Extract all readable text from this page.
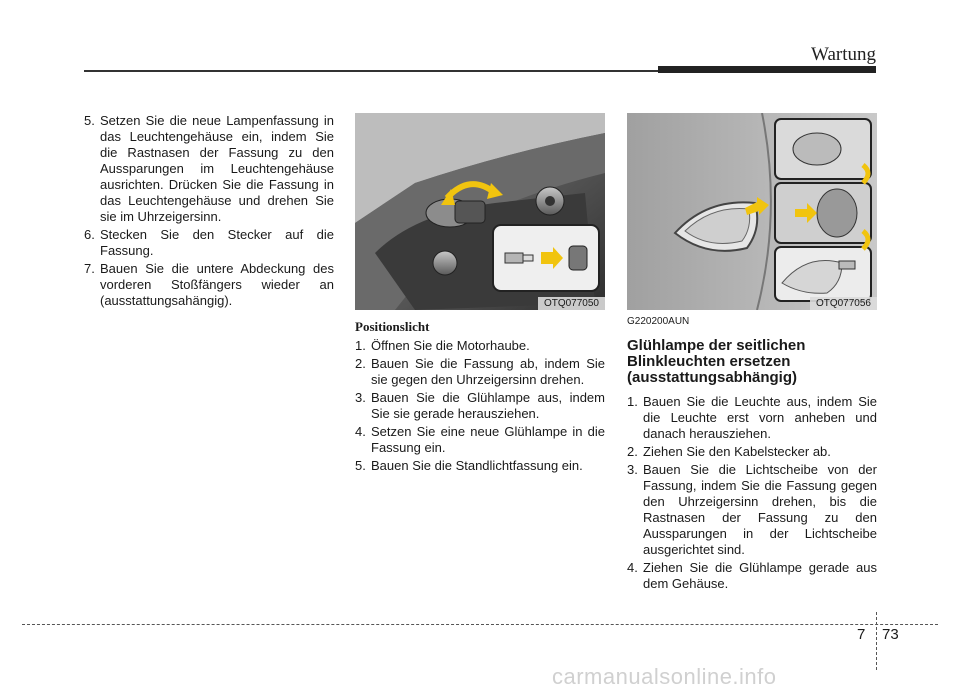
Wartung
5. Setzen Sie die neue Lampenfassung in das Leuchtengehäuse ein, indem Sie die Rastnasen der Fassung zu den Aussparungen im Leuchtengehäuse ausrichten. Drücken Sie die Fassung in das Leuchtengehäuse und drehen Sie sie im Uhrzeigersinn.
6. Stecken Sie den Stecker auf die Fassung.
7. Bauen Sie die untere Abdeckung des vorderen Stoßfängers wieder an (ausstattungsahängig).	OTQ077050
Positionslicht
1. Öffnen Sie die Motorhaube.
2. Bauen Sie die Fassung ab, indem Sie sie gegen den Uhrzeigersinn drehen.
3. Bauen Sie die Glühlampe aus, indem Sie sie gerade herausziehen.
4. Setzen Sie eine neue Glühlampe in die Fassung ein.
5. Bauen Sie die Standlichtfassung ein.
OTQ077056
G220200AUN
Glühlampe der seitlichen Blinkleuchten ersetzen (ausstattungsabhängig)
1. Bauen Sie die Leuchte aus, indem Sie die Leuchte erst vorn anheben und danach herausziehen.
2. Ziehen Sie den Kabelstecker ab.
3. Bauen Sie die Lichtscheibe von der Fassung, indem Sie die Fassung gegen den Uhrzeigersinn drehen, bis die Rastnasen der Fassung zu den Aussparungen in der Lichtscheibe ausgerichtet sind.
4. Ziehen Sie die Glühlampe gerade aus dem Gehäuse.
7 73
carmanualsonline.info
